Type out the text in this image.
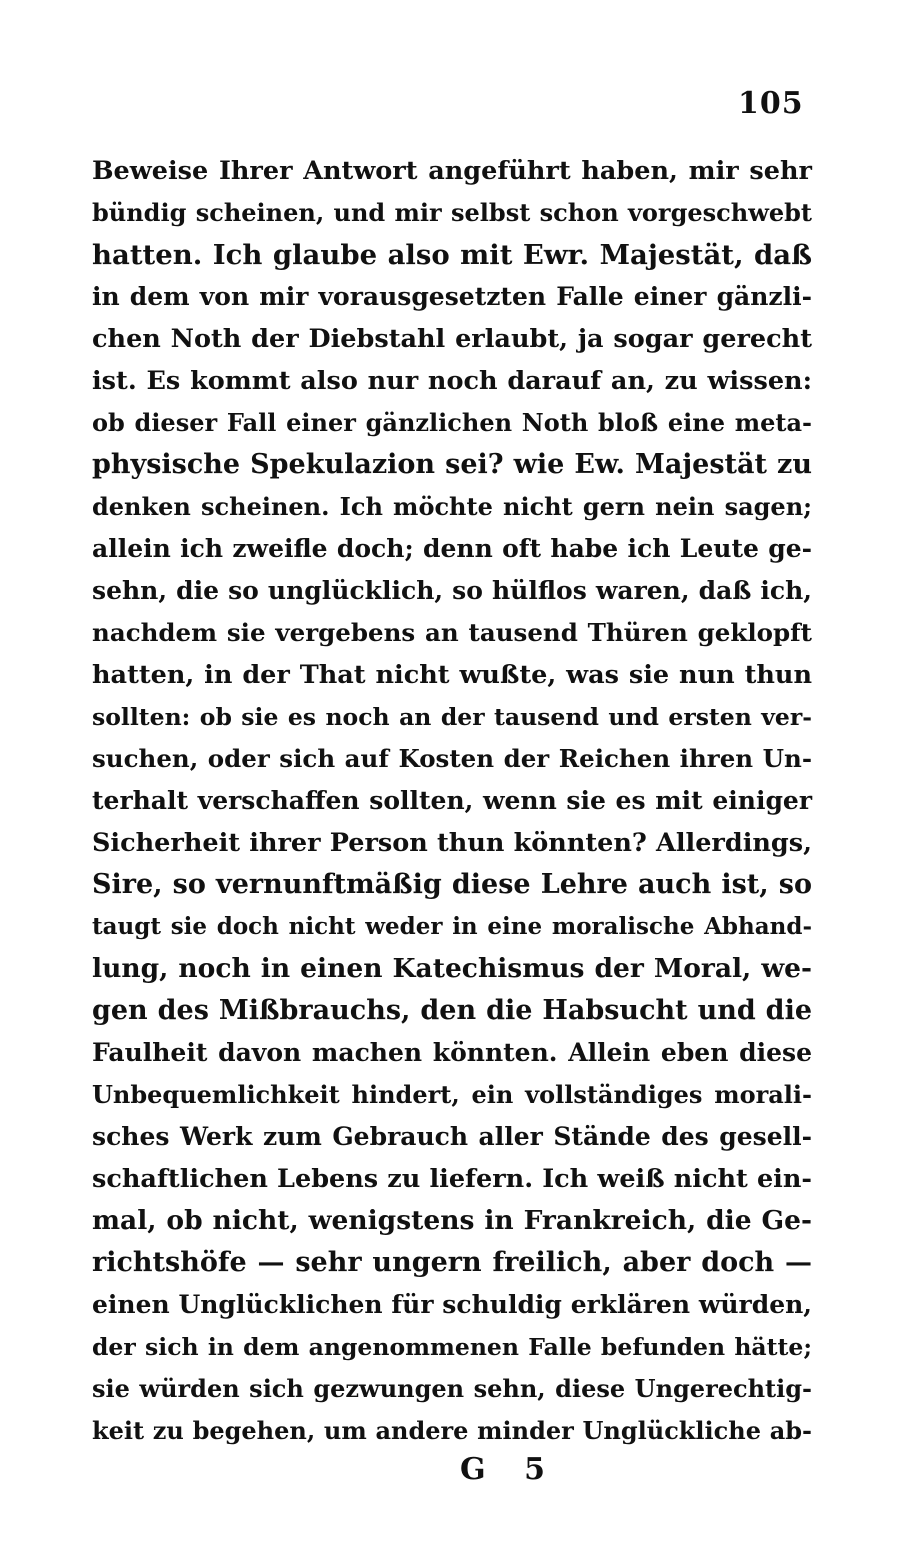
105
Beweise Ihrer Antwort angeführt haben, mir sehr
bündig scheinen, und mir selbst schon vorgeschwebt
hatten. Ich glaube also mit Ewr. Majestät, daß
in dem von mir vorausgesetzten Falle einer gänzli-
chen Noth der Diebstahl erlaubt, ja sogar gerecht
ist. Es kommt also nur noch darauf an, zu wissen:
ob dieser Fall einer gänzlichen Noth bloß eine meta-
physische Spekulazion sei? wie Ew. Majestät zu
denken scheinen. Ich möchte nicht gern nein sagen;
allein ich zweifle doch; denn oft habe ich Leute ge-
sehn, die so unglücklich, so hülflos waren, daß ich,
nachdem sie vergebens an tausend Thüren geklopft
hatten, in der That nicht wußte, was sie nun thun
sollten: ob sie es noch an der tausend und ersten ver-
suchen, oder sich auf Kosten der Reichen ihren Un-
terhalt verschaffen sollten, wenn sie es mit einiger
Sicherheit ihrer Person thun könnten? Allerdings,
Sire, so vernunftmäßig diese Lehre auch ist, so
taugt sie doch nicht weder in eine moralische Abhand-
lung, noch in einen Katechismus der Moral, we-
gen des Mißbrauchs, den die Habsucht und die
Faulheit davon machen könnten. Allein eben diese
Unbequemlichkeit hindert, ein vollständiges morali-
sches Werk zum Gebrauch aller Stände des gesell-
schaftlichen Lebens zu liefern. Ich weiß nicht ein-
mal, ob nicht, wenigstens in Frankreich, die Ge-
richtshöfe — sehr ungern freilich, aber doch —
einen Unglücklichen für schuldig erklären würden,
der sich in dem angenommenen Falle befunden hätte;
sie würden sich gezwungen sehn, diese Ungerechtig-
keit zu begehen, um andere minder Unglückliche ab-
G 5
